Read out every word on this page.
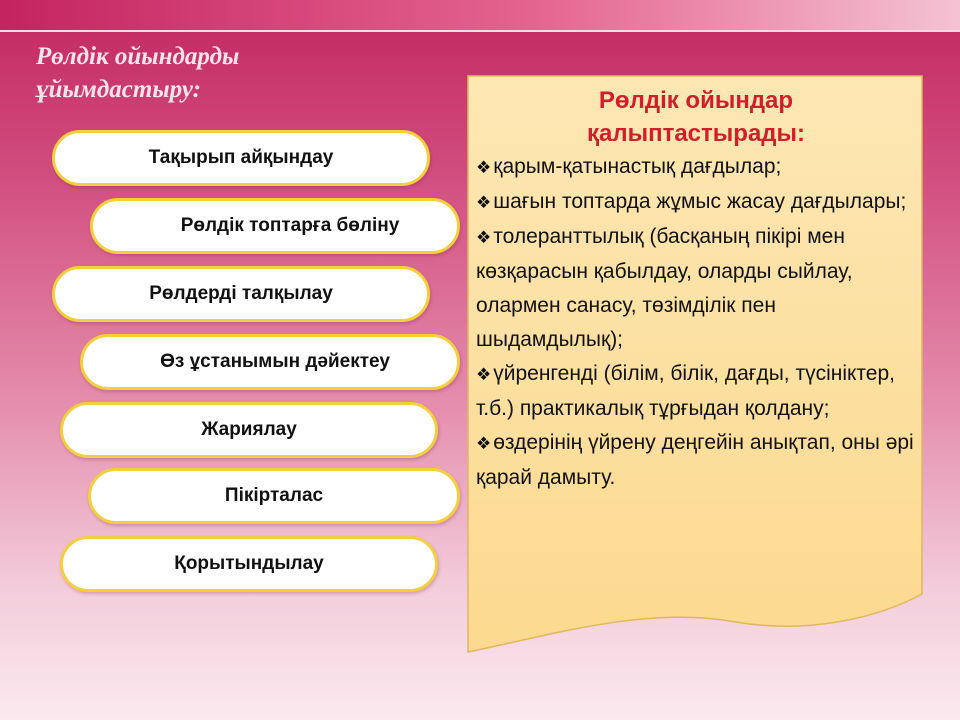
Рөлдік ойындарды ұйымдастыру:
Тақырып айқындау
Рөлдік топтарға бөліну
Рөлдерді талқылау
Өз ұстанымын дәйектеу
Жариялау
Пікірталас
Қорытындылау
Рөлдік ойындар
қалыптастырады:
❖қарым-қатынастық дағдылар;
❖шағын топтарда жұмыс жасау дағдылары;
❖толеранттылық (басқаның пікірі мен көзқарасын қабылдау, оларды сыйлау, олармен санасу, төзімділік пен шыдамдылық);
❖үйренгенді (білім, білік, дағды, түсініктер, т.б.) практикалық тұрғыдан қолдану;
❖өздерінің үйрену деңгейін анықтап, оны әрі қарай дамыту.
